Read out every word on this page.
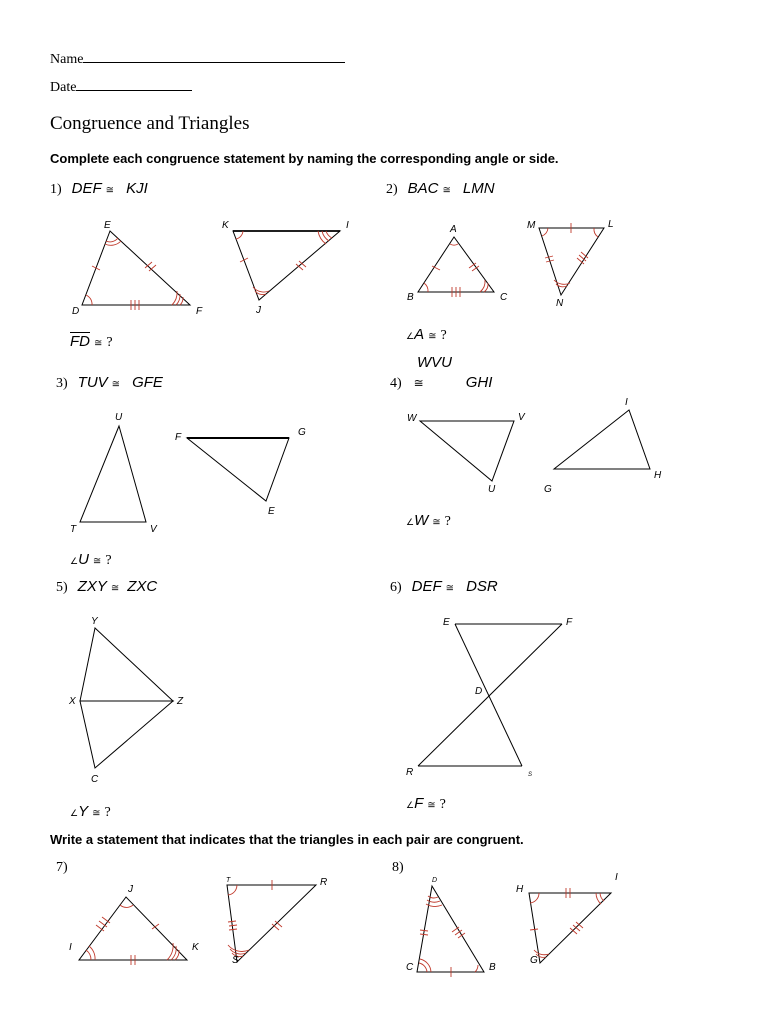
Name
Date
Congruence and Triangles
Complete each congruence statement by naming the corresponding angle or side.
1) DEF ≅ KJI
$\overline{FD}$ ≅ ?
2) BAC ≅ LMN
∠A ≅ ?
3) TUV ≅ GFE
∠U ≅ ?
WVU
4) ≅	GHI
∠W ≅ ?
5) ZXY ≅ ZXC
∠Y ≅ ?
6) DEF ≅ DSR
∠F ≅ ?
Write a statement that indicates that the triangles in each pair are congruent.
7)	8)
E
D	F
K	I
J
A
B	C
M	L
N
U
T	V
F	G
E
W	V
U
I
G
H
Y
X	Z
C
E	F
D
R	S
J
I	K
T	R
S
D
C	B
H
I
G
